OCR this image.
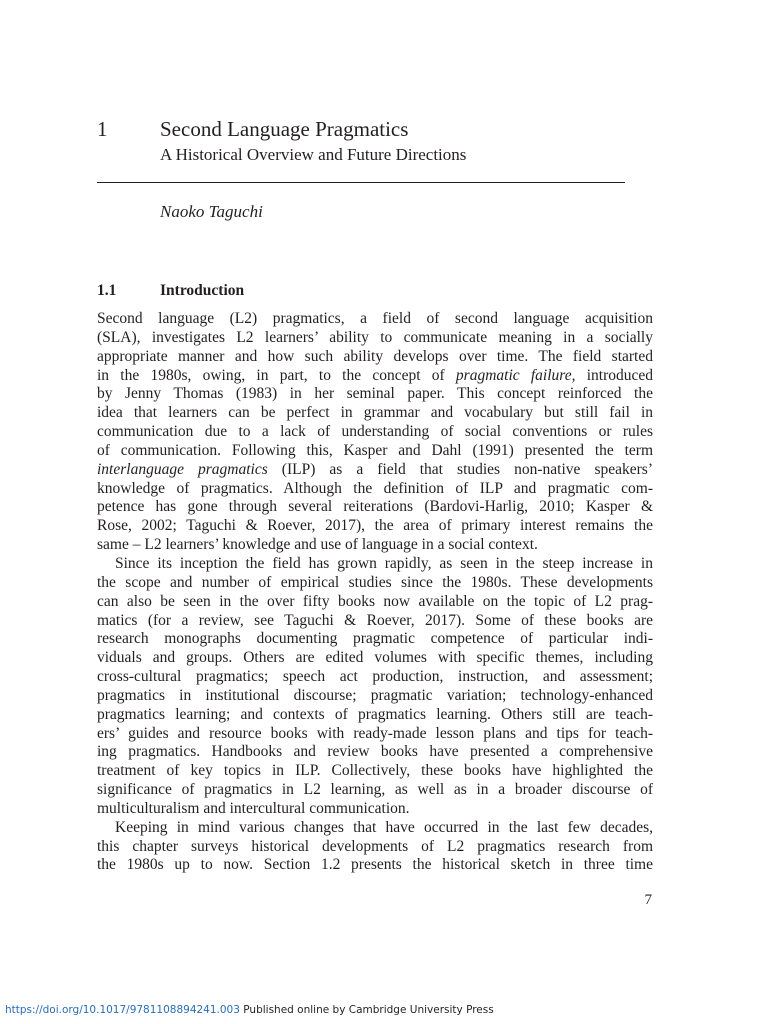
1	Second Language Pragmatics
A Historical Overview and Future Directions
Naoko Taguchi
1.1	Introduction
Second language (L2) pragmatics, a field of second language acquisition
(SLA), investigates L2 learners’ ability to communicate meaning in a socially
appropriate manner and how such ability develops over time. The field started
in the 1980s, owing, in part, to the concept of pragmatic failure, introduced
by Jenny Thomas (1983) in her seminal paper. This concept reinforced the
idea that learners can be perfect in grammar and vocabulary but still fail in
communication due to a lack of understanding of social conventions or rules
of communication. Following this, Kasper and Dahl (1991) presented the term
interlanguage pragmatics (ILP) as a field that studies non-native speakers’
knowledge of pragmatics. Although the definition of ILP and pragmatic com-
petence has gone through several reiterations (Bardovi-Harlig, 2010; Kasper &
Rose, 2002; Taguchi & Roever, 2017), the area of primary interest remains the
same – L2 learners’ knowledge and use of language in a social context.
Since its inception the field has grown rapidly, as seen in the steep increase in
the scope and number of empirical studies since the 1980s. These developments
can also be seen in the over fifty books now available on the topic of L2 prag-
matics (for a review, see Taguchi & Roever, 2017). Some of these books are
research monographs documenting pragmatic competence of particular indi-
viduals and groups. Others are edited volumes with specific themes, including
cross-cultural pragmatics; speech act production, instruction, and assessment;
pragmatics in institutional discourse; pragmatic variation; technology-enhanced
pragmatics learning; and contexts of pragmatics learning. Others still are teach-
ers’ guides and resource books with ready-made lesson plans and tips for teach-
ing pragmatics. Handbooks and review books have presented a comprehensive
treatment of key topics in ILP. Collectively, these books have highlighted the
significance of pragmatics in L2 learning, as well as in a broader discourse of
multiculturalism and intercultural communication.
Keeping in mind various changes that have occurred in the last few decades,
this chapter surveys historical developments of L2 pragmatics research from
the 1980s up to now. Section 1.2 presents the historical sketch in three time
7
https://doi.org/10.1017/9781108894241.003 Published online by Cambridge University Press
